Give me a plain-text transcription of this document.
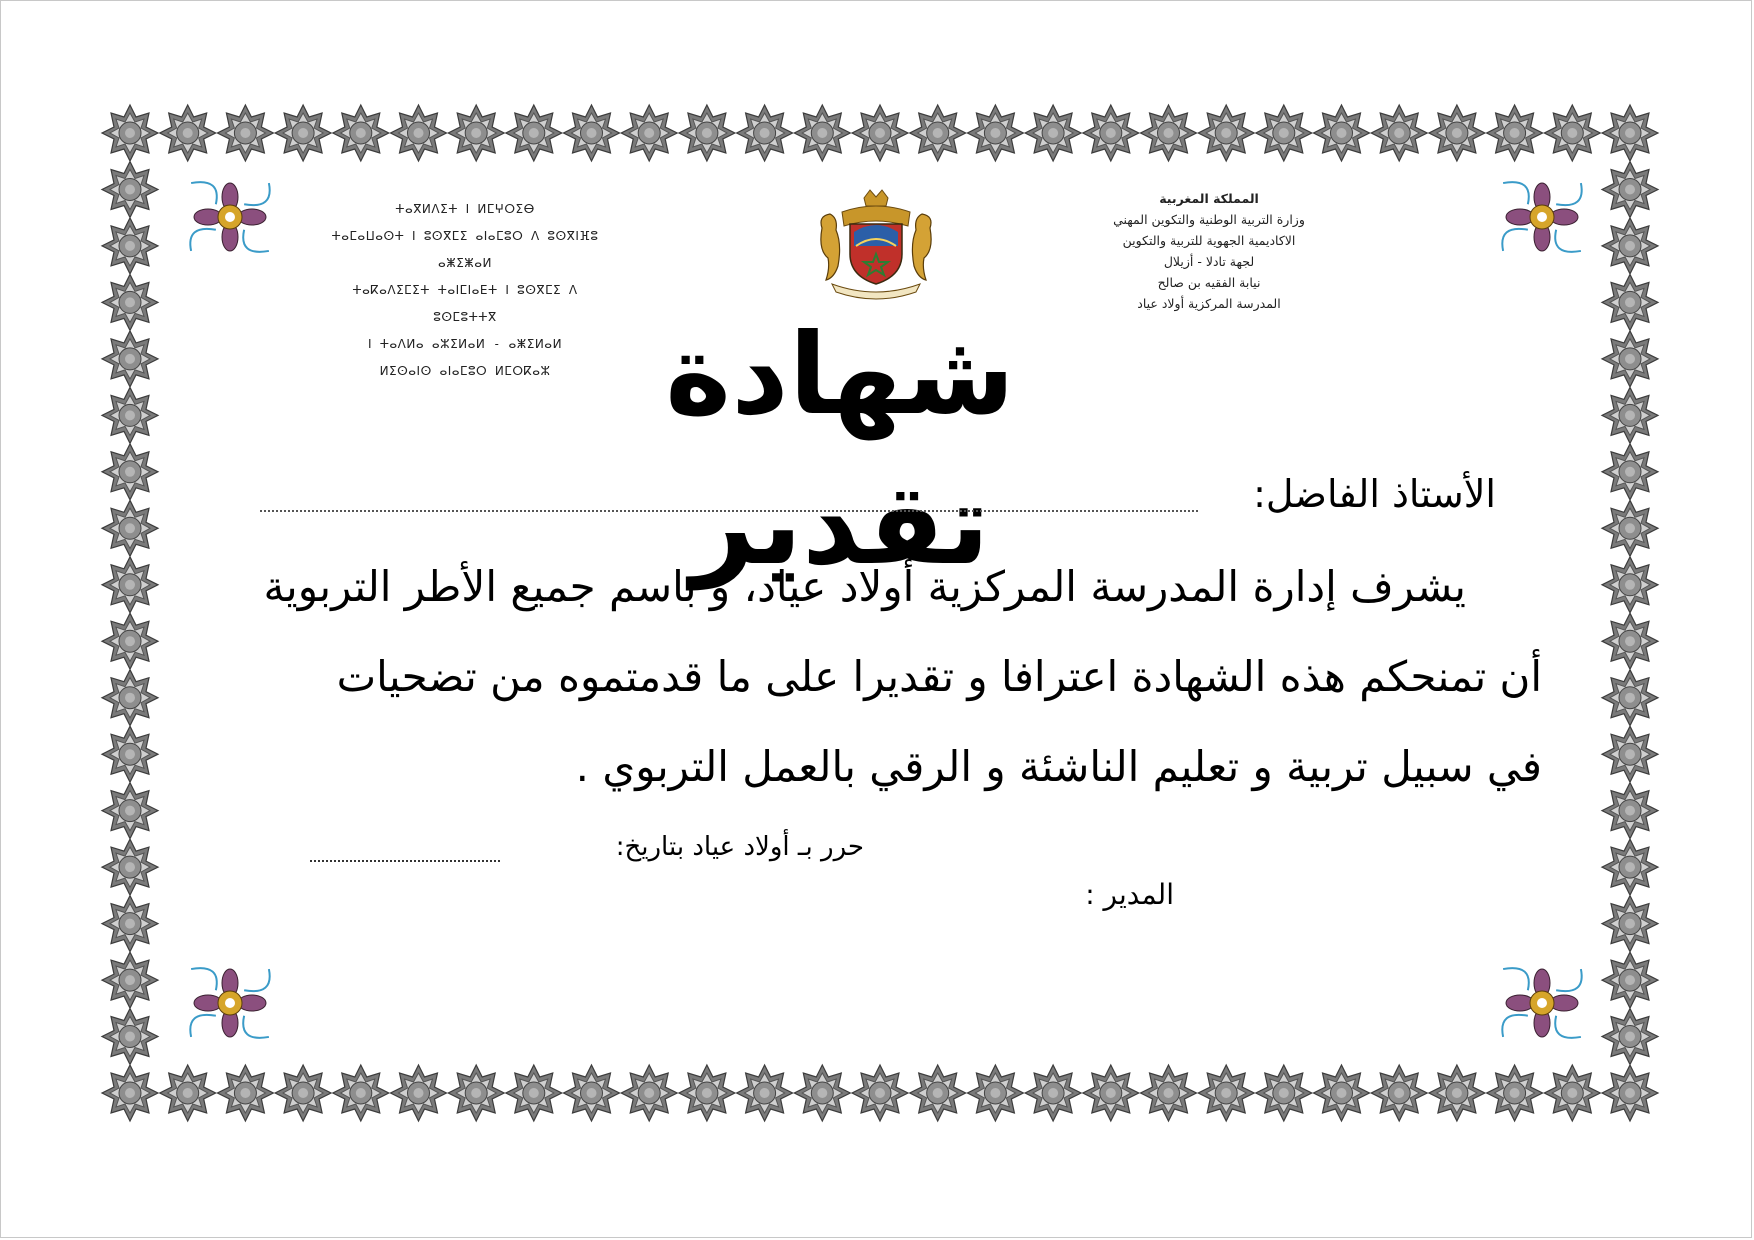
المملكة المغربية
وزارة التربية الوطنية والتكوين المهني
الاكاديمية الجهوية للتربية والتكوين
لجهة تادلا - أزيلال
نيابة الفقيه بن صالح
المدرسة المركزية أولاد عياد
ⵜⴰⴳⵍⴷⵉⵜ ⵏ ⵍⵎⵖⵔⵉⴱ
ⵜⴰⵎⴰⵡⴰⵙⵜ ⵏ ⵓⵙⴳⵎⵉ ⴰⵏⴰⵎⵓⵔ ⴷ ⵓⵙⴳⵏⴼⵓ ⴰⵥⵉⵥⴰⵍ
ⵜⴰⴽⴰⴷⵉⵎⵉⵜ ⵜⴰⵏⵎⵏⴰⴹⵜ ⵏ ⵓⵙⴳⵎⵉ ⴷ ⵓⵙⵎⵓⵜⵜⴳ
ⵏ ⵜⴰⴷⵍⴰ ⴰⵣⵉⵍⴰⵍ - ⴰⵥⵉⵍⴰⵍ
ⵍⵉⵙⴰⵏⵙ ⴰⵏⴰⵎⵓⵔ ⵍⵎⵔⴽⴰⵣ	شهادة تقدير	الأستاذ الفاضل:
يشرف إدارة المدرسة المركزية أولاد عياد، و باسم جميع الأطر التربوية
أن تمنحكم هذه الشهادة اعترافا و تقديرا على ما قدمتموه من تضحيات
في سبيل تربية و تعليم الناشئة و الرقي بالعمل التربوي .
حرر بـ أولاد عياد بتاريخ:
المدير :
